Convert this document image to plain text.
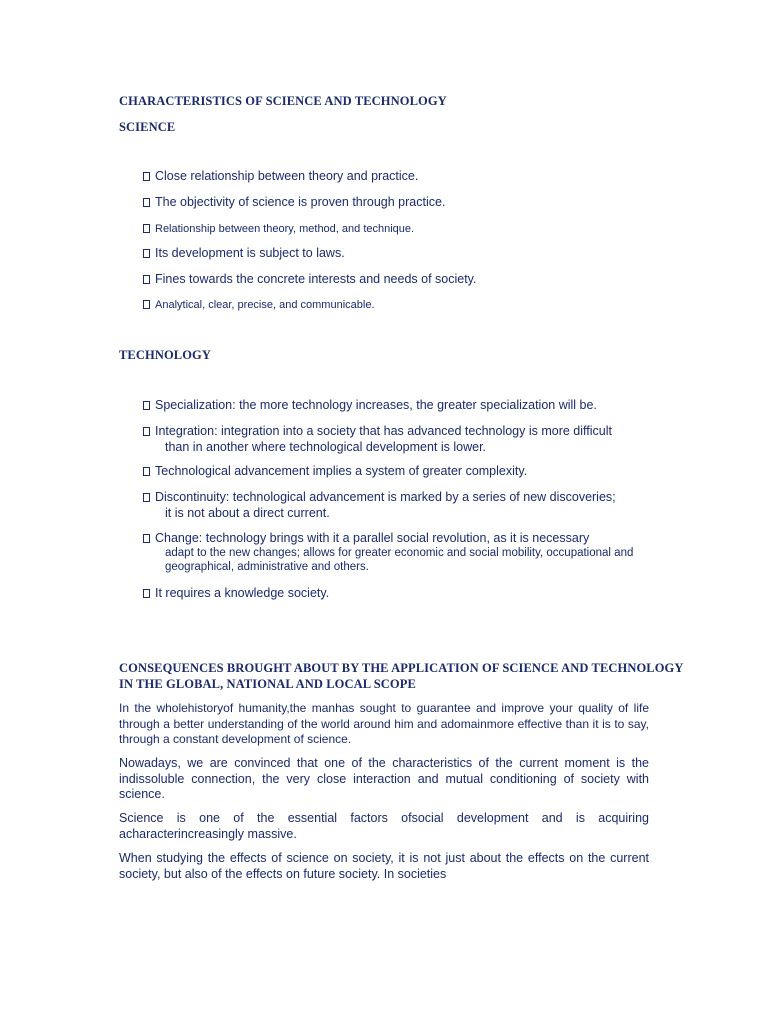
CHARACTERISTICS OF SCIENCE AND TECHNOLOGY
SCIENCE
Close relationship between theory and practice.
The objectivity of science is proven through practice.
Relationship between theory, method, and technique.
Its development is subject to laws.
Fines towards the concrete interests and needs of society.
Analytical, clear, precise, and communicable.
TECHNOLOGY
Specialization: the more technology increases, the greater specialization will be.
Integration: integration into a society that has advanced technology is more difficult
than in another where technological development is lower.
Technological advancement implies a system of greater complexity.
Discontinuity: technological advancement is marked by a series of new discoveries;
it is not about a direct current.
Change: technology brings with it a parallel social revolution, as it is necessary
adapt to the new changes; allows for greater economic and social mobility, occupational and
geographical, administrative and others.
It requires a knowledge society.
CONSEQUENCES BROUGHT ABOUT BY THE APPLICATION OF SCIENCE AND TECHNOLOGY
IN THE GLOBAL, NATIONAL AND LOCAL SCOPE
In the wholehistoryof humanity,the manhas sought to guarantee and improve your quality of life through a better understanding of the world around him and adomainmore effective than it is to say, through a constant development of science.
Nowadays, we are convinced that one of the characteristics of the current moment is the indissoluble connection, the very close interaction and mutual conditioning of society with science.
Science is one of the essential factors ofsocial development and is acquiring acharacterincreasingly massive.
When studying the effects of science on society, it is not just about the effects on the current society, but also of the effects on future society. In societies
